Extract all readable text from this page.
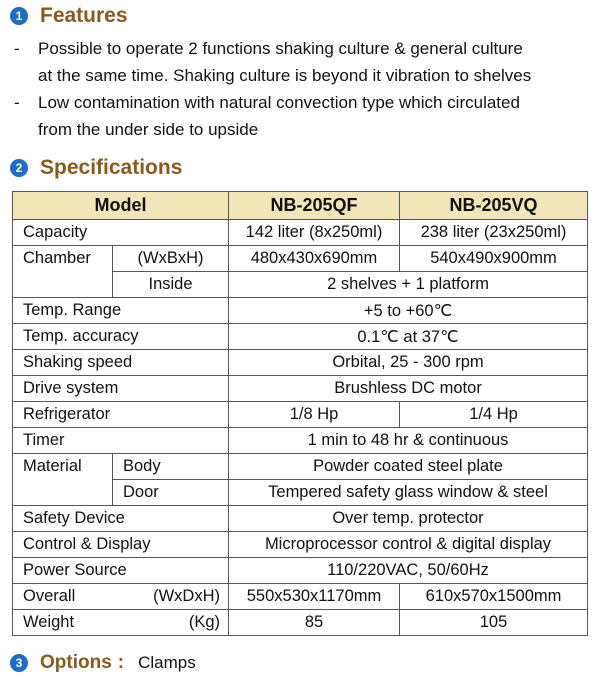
1 Features
- Possible to operate 2 functions shaking culture & general culture
at the same time. Shaking culture is beyond it vibration to shelves
- Low contamination with natural convection type which circulated
from the under side to upside
2 Specifications
Model		NB-205QF	NB-205VQ
Capacity		142 liter (8x250ml)	238 liter (23x250ml)
Chamber	(WxBxH)	480x430x690mm	540x490x900mm
	Inside	2 shelves + 1 platform	
Temp. Range		+5 to +60℃	
Temp. accuracy		0.1℃ at 37℃	
Shaking speed		Orbital, 25 - 300 rpm	
Drive system		Brushless DC motor	
Refrigerator		1/8 Hp	1/4 Hp
Timer		1 min to 48 hr & continuous	
Material	Body	Powder coated steel plate	
	Door	Tempered safety glass window & steel	
Safety Device		Over temp. protector	
Control & Display		Microprocessor control & digital display	
Power Source		110/220VAC, 50/60Hz	
Overall	(WxDxH)	550x530x1170mm	610x570x1500mm
Weight	(Kg)	85	105
3 Options : Clamps
